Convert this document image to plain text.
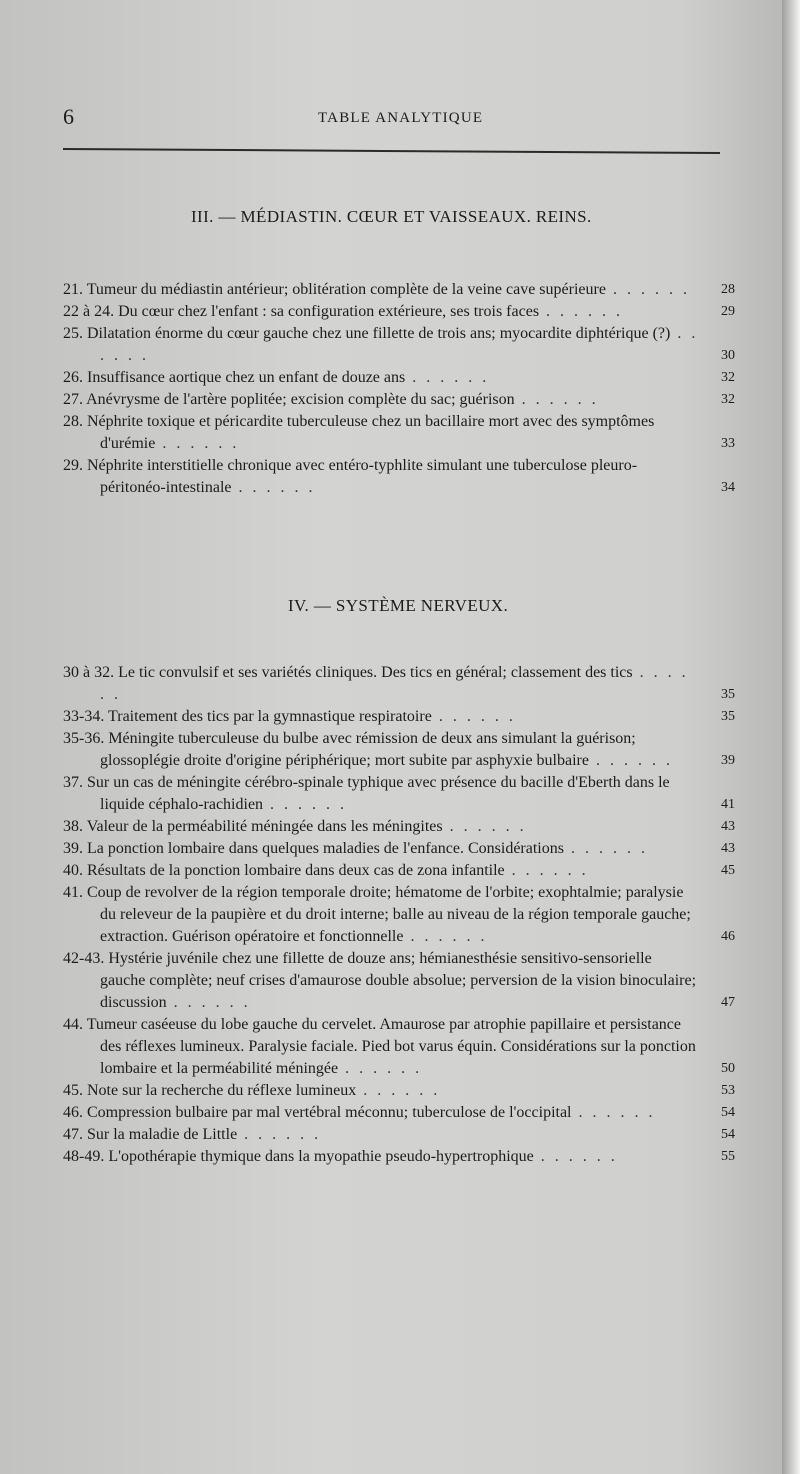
6	TABLE ANALYTIQUE
III. — MÉDIASTIN. CŒUR ET VAISSEAUX. REINS.

21. Tumeur du médiastin antérieur; oblitération complète de la veine cave supérieure . . . . . .	28

22 à 24. Du cœur chez l'enfant : sa configuration extérieure, ses trois faces . . . . . .	29

25. Dilatation énorme du cœur gauche chez une fillette de trois ans; myocardite diphtérique (?) . . . . . .	30

26. Insuffisance aortique chez un enfant de douze ans . . . . . .	32

27. Anévrysme de l'artère poplitée; excision complète du sac; guérison . . . . . .	32

28. Néphrite toxique et péricardite tuberculeuse chez un bacillaire mort avec des symptômes d'urémie . . . . . .	33

29. Néphrite interstitielle chronique avec entéro-typhlite simulant une tuberculose pleuro-péritonéo-intestinale . . . . . .	34

IV. — SYSTÈME NERVEUX.

30 à 32. Le tic convulsif et ses variétés cliniques. Des tics en général; classement des tics . . . . . .	35

33-34. Traitement des tics par la gymnastique respiratoire . . . . . .	35

35-36. Méningite tuberculeuse du bulbe avec rémission de deux ans simulant la guérison; glossoplégie droite d'origine périphérique; mort subite par asphyxie bulbaire . . . . . .	39

37. Sur un cas de méningite cérébro-spinale typhique avec présence du bacille d'Eberth dans le liquide céphalo-rachidien . . . . . .	41

38. Valeur de la perméabilité méningée dans les méningites . . . . . .	43

39. La ponction lombaire dans quelques maladies de l'enfance. Considérations . . . . . .	43

40. Résultats de la ponction lombaire dans deux cas de zona infantile . . . . . .	45

41. Coup de revolver de la région temporale droite; hématome de l'orbite; exophtalmie; paralysie du releveur de la paupière et du droit interne; balle au niveau de la région temporale gauche; extraction. Guérison opératoire et fonctionnelle . . . . . .	46

42-43. Hystérie juvénile chez une fillette de douze ans; hémianesthésie sensitivo-sensorielle gauche complète; neuf crises d'amaurose double absolue; perversion de la vision binoculaire; discussion . . . . . .	47

44. Tumeur caséeuse du lobe gauche du cervelet. Amaurose par atrophie papillaire et persistance des réflexes lumineux. Paralysie faciale. Pied bot varus équin. Considérations sur la ponction lombaire et la perméabilité méningée . . . . . .	50

45. Note sur la recherche du réflexe lumineux . . . . . .	53

46. Compression bulbaire par mal vertébral méconnu; tuberculose de l'occipital . . . . . .	54

47. Sur la maladie de Little . . . . . .	54

48-49. L'opothérapie thymique dans la myopathie pseudo-hypertrophique . . . . . .	55
